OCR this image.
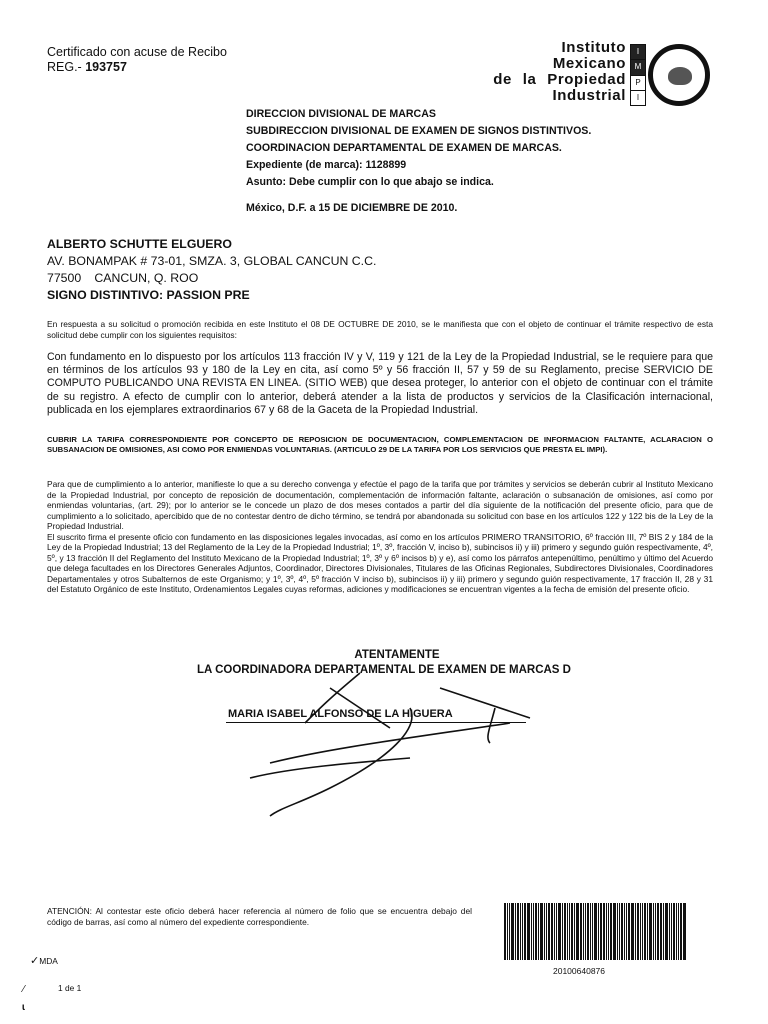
Certificado con acuse de Recibo
REG.- 193757
Instituto
Mexicano
de la Propiedad
Industrial
I
M
P
I
DIRECCION DIVISIONAL DE MARCAS
SUBDIRECCION DIVISIONAL DE EXAMEN DE SIGNOS DISTINTIVOS.
COORDINACION DEPARTAMENTAL DE EXAMEN DE MARCAS.
Expediente (de marca): 1128899
Asunto: Debe cumplir con lo que abajo se indica.
México, D.F. a 15 DE DICIEMBRE DE 2010.
ALBERTO SCHUTTE ELGUERO
AV. BONAMPAK # 73-01, SMZA. 3, GLOBAL CANCUN C.C.
77500 CANCUN, Q. ROO
SIGNO DISTINTIVO: PASSION PRE
En respuesta a su solicitud o promoción recibida en este Instituto el 08 DE OCTUBRE DE 2010, se le manifiesta que con el objeto de continuar el trámite respectivo de esta solicitud debe cumplir con los siguientes requisitos:
Con fundamento en lo dispuesto por los artículos 113 fracción IV y V, 119 y 121 de la Ley de la Propiedad Industrial, se le requiere para que en términos de los artículos 93 y 180 de la Ley en cita, así como 5º y 56 fracción II, 57 y 59 de su Reglamento, precise SERVICIO DE COMPUTO PUBLICANDO UNA REVISTA EN LINEA. (SITIO WEB) que desea proteger, lo anterior con el objeto de continuar con el trámite de su registro. A efecto de cumplir con lo anterior, deberá atender a la lista de productos y servicios de la Clasificación internacional, publicada en los ejemplares extraordinarios 67 y 68 de la Gaceta de la Propiedad Industrial.
CUBRIR LA TARIFA CORRESPONDIENTE POR CONCEPTO DE REPOSICION DE DOCUMENTACION, COMPLEMENTACION DE INFORMACION FALTANTE, ACLARACION O SUBSANACION DE OMISIONES, ASI COMO POR ENMIENDAS VOLUNTARIAS. (ARTICULO 29 DE LA TARIFA POR LOS SERVICIOS QUE PRESTA EL IMPI).
Para que de cumplimiento a lo anterior, manifieste lo que a su derecho convenga y efectúe el pago de la tarifa que por trámites y servicios se deberán cubrir al Instituto Mexicano de la Propiedad Industrial, por concepto de reposición de documentación, complementación de información faltante, aclaración o subsanación de omisiones, así como por enmiendas voluntarias, (art. 29); por lo anterior se le concede un plazo de dos meses contados a partir del día siguiente de la notificación del presente oficio, para que de cumplimiento a lo solicitado, apercibido que de no contestar dentro de dicho término, se tendrá por abandonada su solicitud con base en los artículos 122 y 122 bis de la Ley de la Propiedad Industrial.
El suscrito firma el presente oficio con fundamento en las disposiciones legales invocadas, así como en los artículos PRIMERO TRANSITORIO, 6º fracción III, 7º BIS 2 y 184 de la Ley de la Propiedad Industrial; 13 del Reglamento de la Ley de la Propiedad Industrial; 1º, 3º, fracción V, inciso b), subincisos ii) y iii) primero y segundo guión respectivamente, 4º, 5º, y 13 fracción II del Reglamento del Instituto Mexicano de la Propiedad Industrial; 1º, 3º y 6º incisos b) y e), así como los párrafos antepenúltimo, penúltimo y último del Acuerdo que delega facultades en los Directores Generales Adjuntos, Coordinador, Directores Divisionales, Titulares de las Oficinas Regionales, Subdirectores Divisionales, Coordinadores Departamentales y otros Subalternos de este Organismo; y 1º, 3º, 4º, 5º fracción V inciso b), subincisos ii) y iii) primero y segundo guión respectivamente, 17 fracción II, 28 y 31 del Estatuto Orgánico de este Instituto, Ordenamientos Legales cuyas reformas, adiciones y modificaciones se encuentran vigentes a la fecha de emisión del presente oficio.
ATENTAMENTE
LA COORDINADORA DEPARTAMENTAL DE EXAMEN DE MARCAS D
MARIA ISABEL ALFONSO DE LA HIGUERA
ATENCIÓN: Al contestar este oficio deberá hacer referencia al número de folio que se encuentra debajo del código de barras, así como al número del expediente correspondiente.
20100640876
✓MDA
1 de 1
⁄
ɩ
